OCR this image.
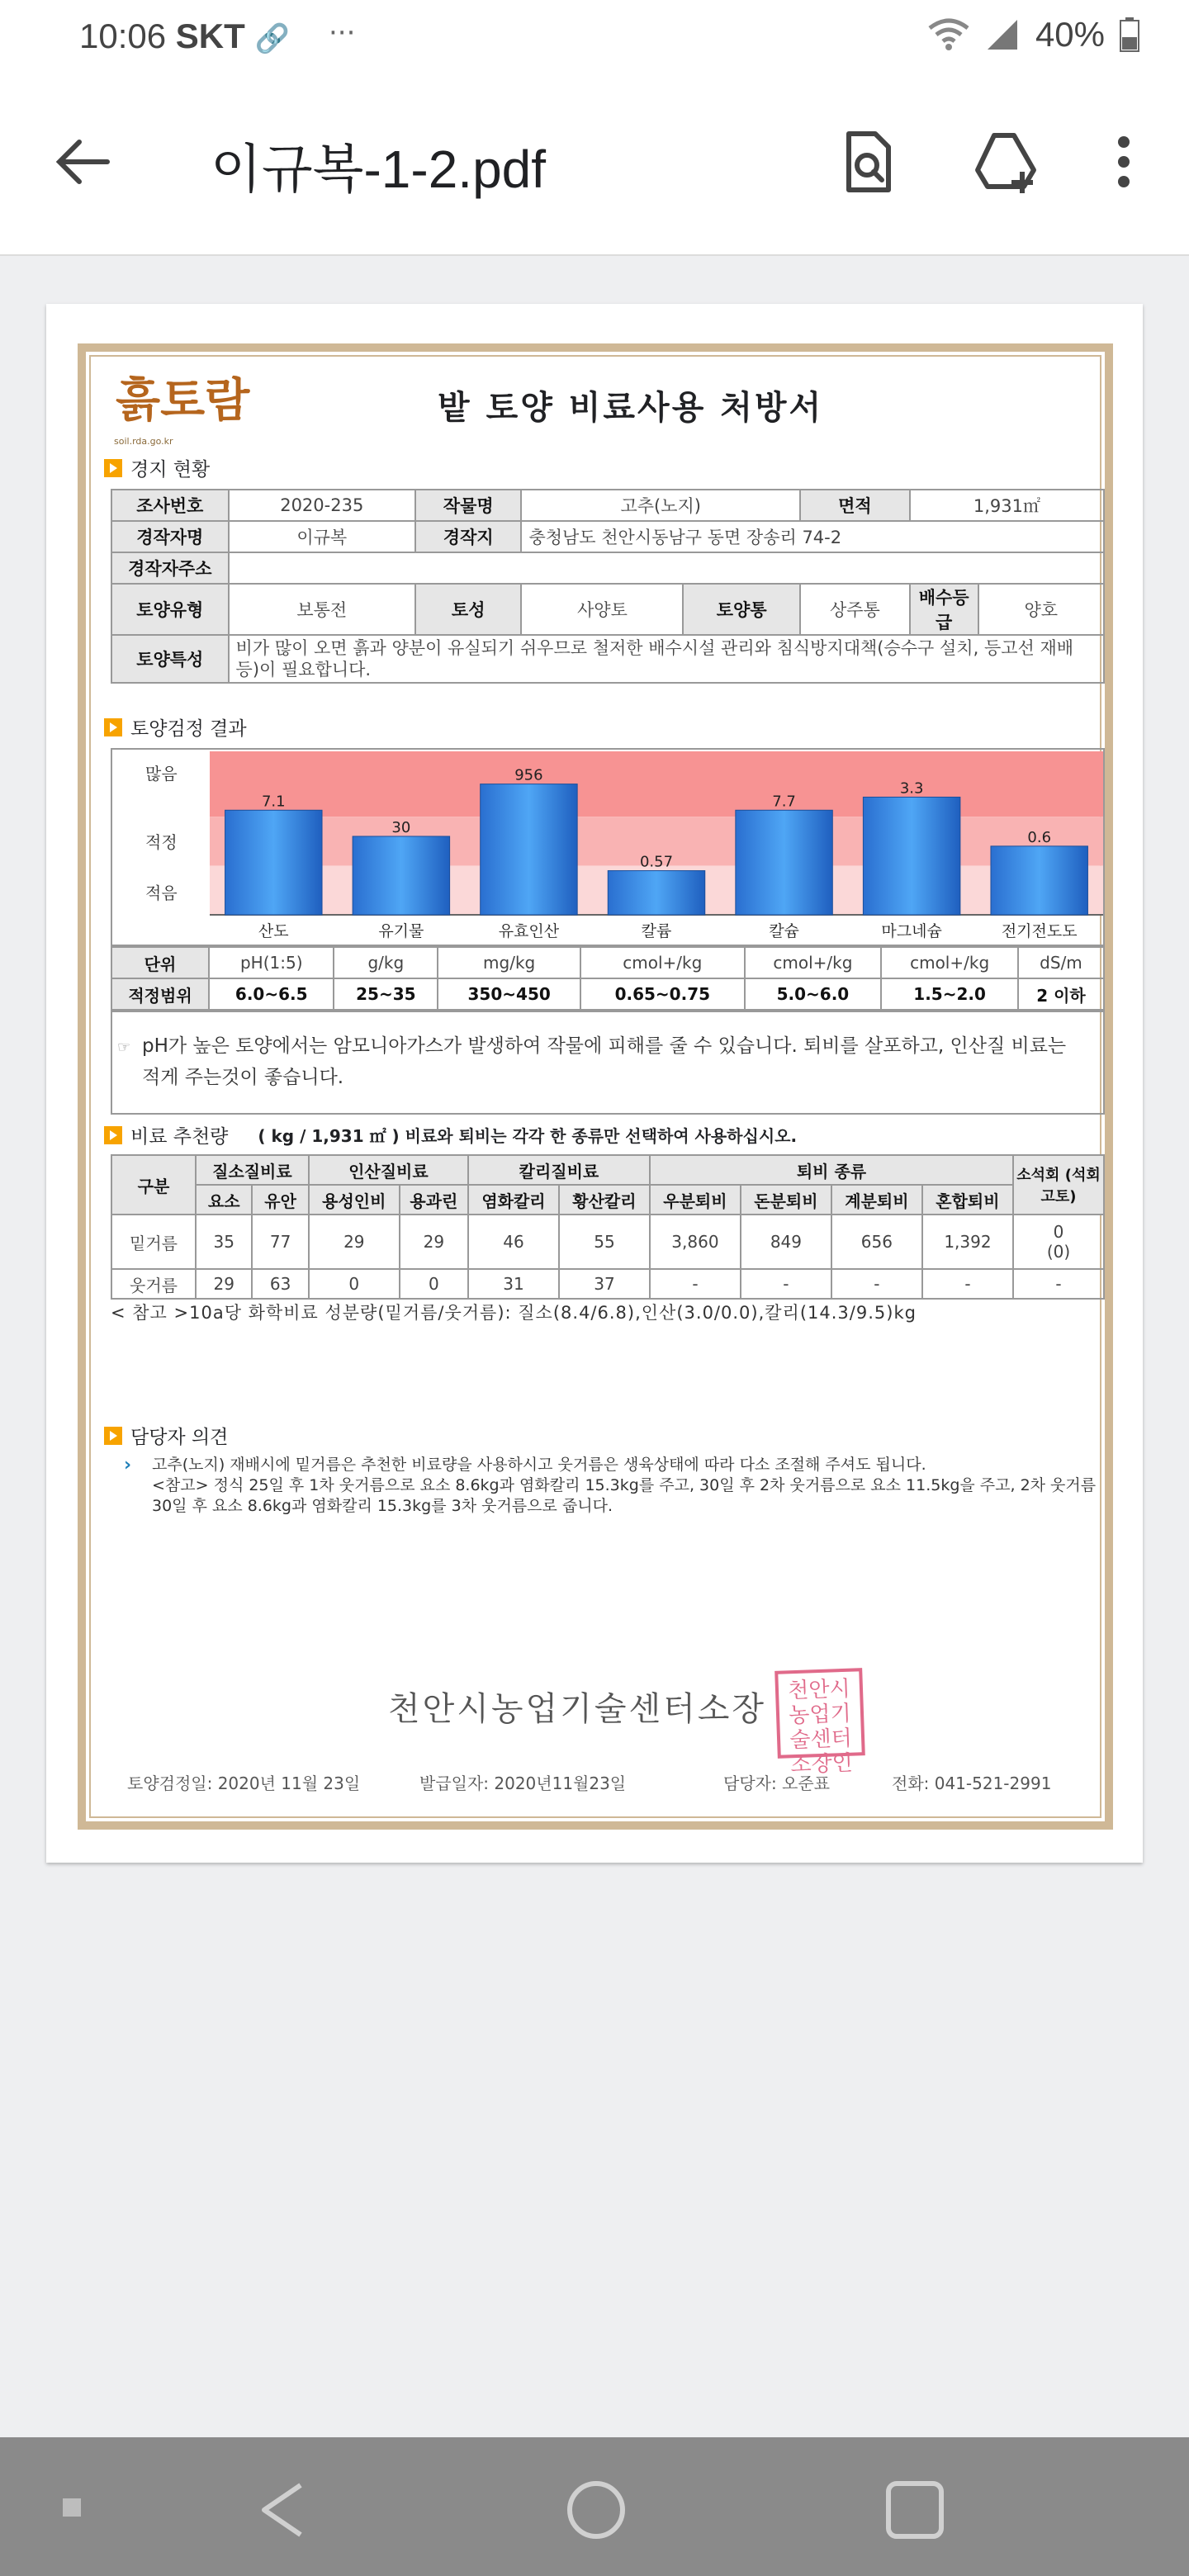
10:06 SKT 🔗 ···	40%
이규복-1-2.pdf
흙토람
soil.rda.go.kr
밭 토양 비료사용 처방서
경지 현황
조사번호	2020-235	작물명	고추(노지)		면적	1,931㎡	
경작자명	이규복	경작지	충청남도 천안시동남구 동면 장송리 74-2				
경작자주소							
토양유형	보통전	토성	사양토	토양통	상주통	배수등급	양호
토양특성	비가 많이 오면 흙과 양분이 유실되기 쉬우므로 철저한 배수시설 관리와 침식방지대책(승수구 설치, 등고선 재배등)이 필요합니다.						
토양검정 결과
많음
적정
적음
7.1
산도
30
유기물
956
유효인산
0.57
칼륨
7.7
칼슘
3.3
마그네슘
0.6
전기전도도
단위	pH(1:5)	g/kg	mg/kg	cmol+/kg	cmol+/kg	cmol+/kg	dS/m
적정범위	6.0~6.5	25~35	350~450	0.65~0.75	5.0~6.0	1.5~2.0	2 이하
☞ pH가 높은 토양에서는 암모니아가스가 발생하여 작물에 피해를 줄 수 있습니다. 퇴비를 살포하고, 인산질 비료는 적게 주는것이 좋습니다.
비료 추천량 ( kg / 1,931 ㎡ ) 비료와 퇴비는 각각 한 종류만 선택하여 사용하십시오.
구분	질소질비료		인산질비료		칼리질비료		퇴비 종류				소석회 (석회고토)
	요소	유안	용성인비	용과린	염화칼리	황산칼리	우분퇴비	돈분퇴비	계분퇴비	혼합퇴비	
밑거름	35	77	29	29	46	55	3,860	849	656	1,392	0
(0)

웃거름	29	63	0	0	31	37	-	-	-	-	-
< 참고 >10a당 화학비료 성분량(밑거름/웃거름): 질소(8.4/6.8),인산(3.0/0.0),칼리(14.3/9.5)kg
담당자 의견
› 고추(노지) 재배시에 밑거름은 추천한 비료량을 사용하시고 웃거름은 생육상태에 따라 다소 조절해 주셔도 됩니다.

<참고> 정식 25일 후 1차 웃거름으로 요소 8.6kg과 염화칼리 15.3kg를 주고, 30일 후 2차 웃거름으로 요소 11.5kg을 주고, 2차 웃거름 30일 후 요소 8.6kg과 염화칼리 15.3kg를 3차 웃거름으로 줍니다.

천안시농업기술센터소장 천안시농업기술센터소장인
토양검정일: 2020년 11월 23일	발급일자: 2020년11월23일	담당자: 오준표	전화: 041-521-2991
